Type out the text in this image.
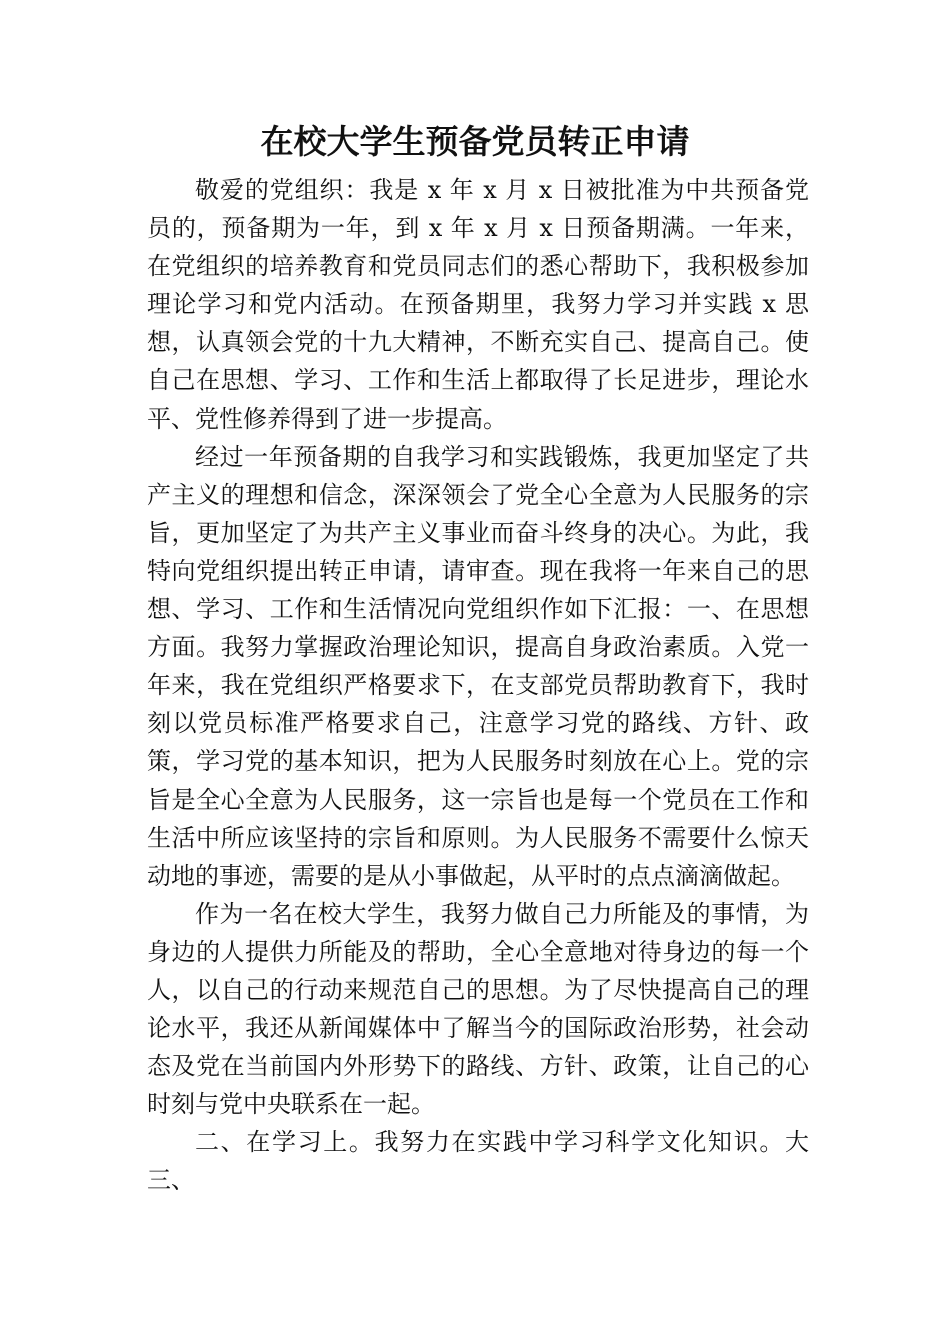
在校大学生预备党员转正申请

敬爱的党组织：我是 x 年 x 月 x 日被批准为中共预备党员的，预备期为一年，到 x 年 x 月 x 日预备期满。一年来，在党组织的培养教育和党员同志们的悉心帮助下，我积极参加理论学习和党内活动。在预备期里，我努力学习并实践 x 思想，认真领会党的十九大精神，不断充实自己、提高自己。使自己在思想、学习、工作和生活上都取得了长足进步，理论水平、党性修养得到了进一步提高。

经过一年预备期的自我学习和实践锻炼，我更加坚定了共产主义的理想和信念，深深领会了党全心全意为人民服务的宗旨，更加坚定了为共产主义事业而奋斗终身的决心。为此，我特向党组织提出转正申请，请审查。现在我将一年来自己的思想、学习、工作和生活情况向党组织作如下汇报：一、在思想方面。我努力掌握政治理论知识，提高自身政治素质。入党一年来，我在党组织严格要求下，在支部党员帮助教育下，我时刻以党员标准严格要求自己，注意学习党的路线、方针、政策，学习党的基本知识，把为人民服务时刻放在心上。党的宗旨是全心全意为人民服务，这一宗旨也是每一个党员在工作和生活中所应该坚持的宗旨和原则。为人民服务不需要什么惊天动地的事迹，需要的是从小事做起，从平时的点点滴滴做起。

作为一名在校大学生，我努力做自己力所能及的事情，为身边的人提供力所能及的帮助，全心全意地对待身边的每一个人，以自己的行动来规范自己的思想。为了尽快提高自己的理论水平，我还从新闻媒体中了解当今的国际政治形势，社会动态及党在当前国内外形势下的路线、方针、政策，让自己的心时刻与党中央联系在一起。

二、在学习上。我努力在实践中学习科学文化知识。大三、
